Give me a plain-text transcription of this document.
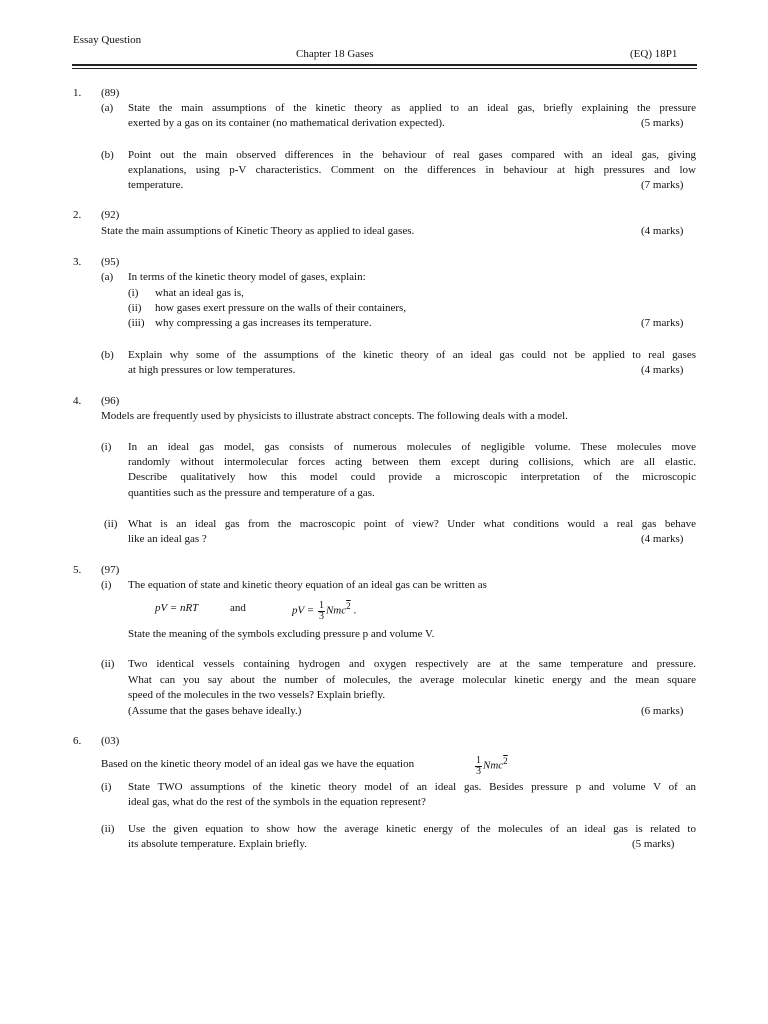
Essay Question
Chapter 18 Gases	(EQ) 18P1
1. (89)
(a) State the main assumptions of the kinetic theory as applied to an ideal gas, briefly explaining the pressure
exerted by a gas on its container (no mathematical derivation expected).	(5 marks)
(b) Point out the main observed differences in the behaviour of real gases compared with an ideal gas, giving
explanations, using p-V characteristics. Comment on the differences in behaviour at high pressures and low
temperature.	(7 marks)
2. (92)
State the main assumptions of Kinetic Theory as applied to ideal gases.	(4 marks)
3. (95)
(a) In terms of the kinetic theory model of gases, explain:
(i) what an ideal gas is,
(ii) how gases exert pressure on the walls of their containers,
(iii) why compressing a gas increases its temperature.	(7 marks)
(b) Explain why some of the assumptions of the kinetic theory of an ideal gas could not be applied to real gases
at high pressures or low temperatures.	(4 marks)
4. (96)
Models are frequently used by physicists to illustrate abstract concepts. The following deals with a model.
(i) In an ideal gas model, gas consists of numerous molecules of negligible volume. These molecules move
randomly without intermolecular forces acting between them except during collisions, which are all elastic.
Describe qualitatively how this model could provide a microscopic interpretation of the microscopic
quantities such as the pressure and temperature of a gas.
(ii) What is an ideal gas from the macroscopic point of view? Under what conditions would a real gas behave
like an ideal gas ?	(4 marks)
5. (97)
(i) The equation of state and kinetic theory equation of an ideal gas can be written as
pV = nRT	and	pV = $\frac{1}{3} Nmc^2$ .
State the meaning of the symbols excluding pressure p and volume V.
(ii) Two identical vessels containing hydrogen and oxygen respectively are at the same temperature and pressure.
What can you say about the number of molecules, the average molecular kinetic energy and the mean square
speed of the molecules in the two vessels? Explain briefly.
(Assume that the gases behave ideally.)	(6 marks)
6. (03)
Based on the kinetic theory model of an ideal gas we have the equation	$\frac{1}{3} Nmc^2$
(i) State TWO assumptions of the kinetic theory model of an ideal gas. Besides pressure p and volume V of an
ideal gas, what do the rest of the symbols in the equation represent?
(ii) Use the given equation to show how the average kinetic energy of the molecules of an ideal gas is related to
its absolute temperature. Explain briefly.	(5 marks)
